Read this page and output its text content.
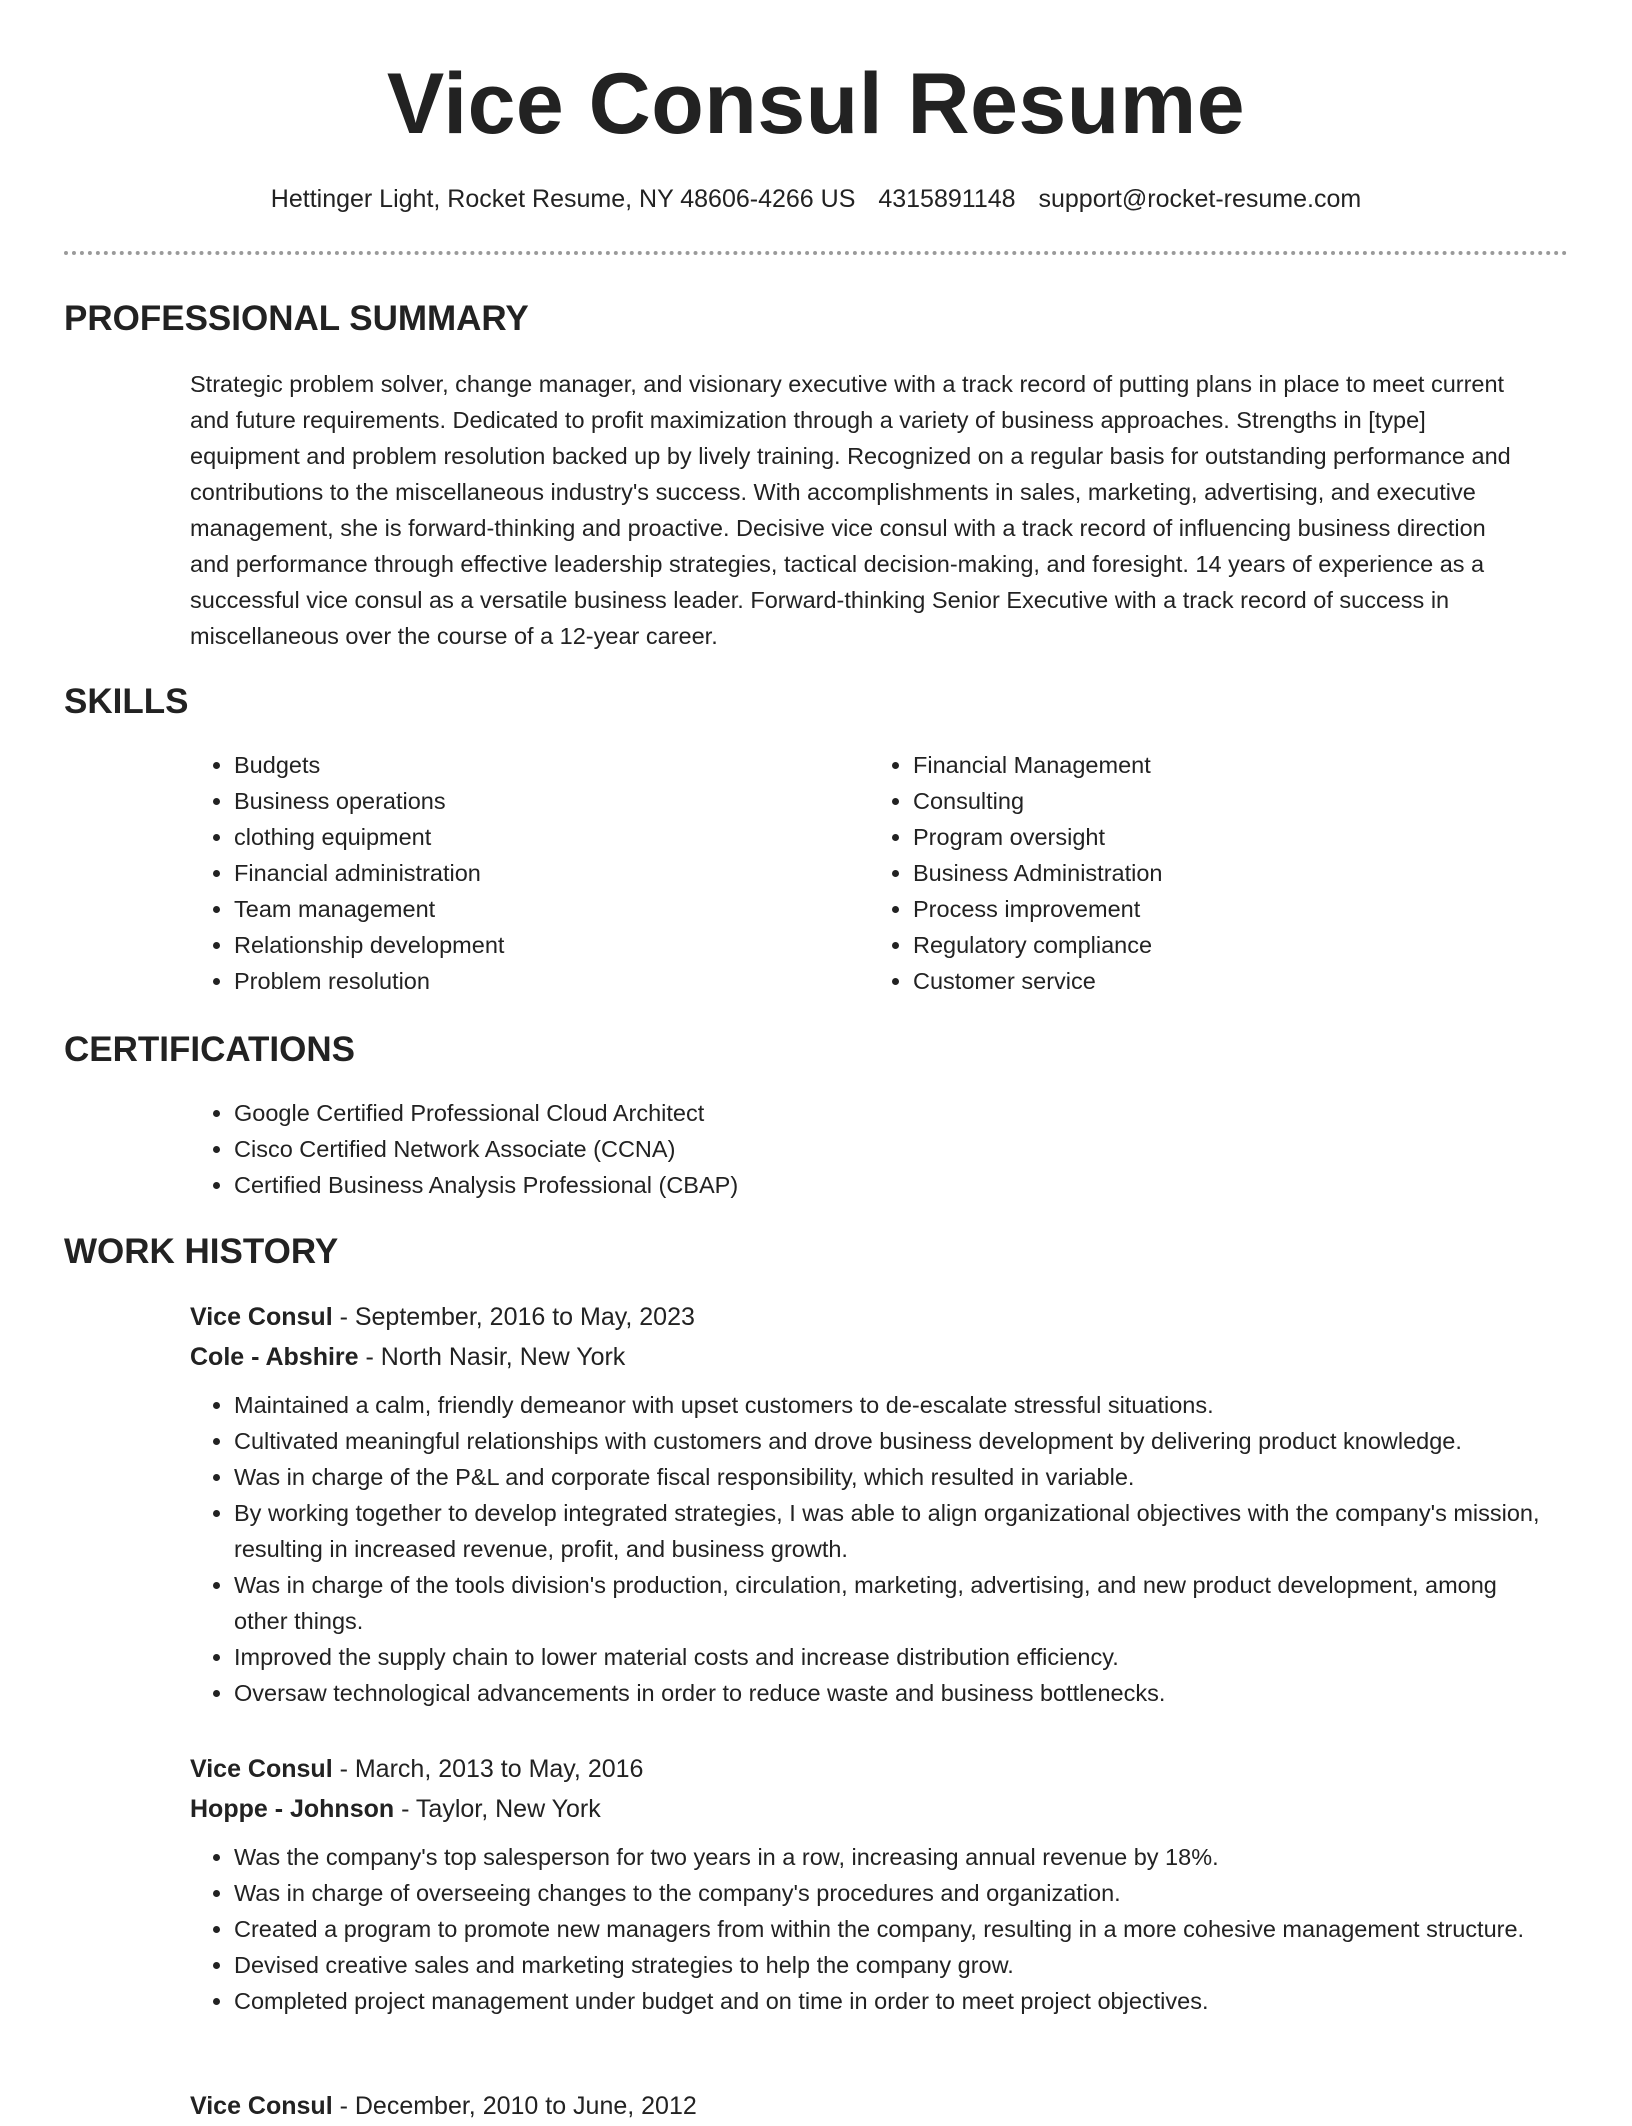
Vice Consul Resume
Hettinger Light, Rocket Resume, NY 48606-4266 US 4315891148 support@rocket-resume.com
PROFESSIONAL SUMMARY

Strategic problem solver, change manager, and visionary executive with a track record of putting plans in place to meet current and future requirements. Dedicated to profit maximization through a variety of business approaches. Strengths in [type] equipment and problem resolution backed up by lively training. Recognized on a regular basis for outstanding performance and contributions to the miscellaneous industry's success. With accomplishments in sales, marketing, advertising, and executive management, she is forward-thinking and proactive. Decisive vice consul with a track record of influencing business direction and performance through effective leadership strategies, tactical decision-making, and foresight. 14 years of experience as a successful vice consul as a versatile business leader. Forward-thinking Senior Executive with a track record of success in miscellaneous over the course of a 12-year career.

SKILLS
• Budgets
• Business operations
• clothing equipment
• Financial administration
• Team management
• Relationship development
• Problem resolution
• Financial Management
• Consulting
• Program oversight
• Business Administration
• Process improvement
• Regulatory compliance
• Customer service
CERTIFICATIONS
• Google Certified Professional Cloud Architect
• Cisco Certified Network Associate (CCNA)
• Certified Business Analysis Professional (CBAP)
WORK HISTORY
Vice Consul - September, 2016 to May, 2023
Cole - Abshire - North Nasir, New York
• Maintained a calm, friendly demeanor with upset customers to de-escalate stressful situations.
• Cultivated meaningful relationships with customers and drove business development by delivering product knowledge.
• Was in charge of the P&L and corporate fiscal responsibility, which resulted in variable.
• By working together to develop integrated strategies, I was able to align organizational objectives with the company's mission, resulting in increased revenue, profit, and business growth.
• Was in charge of the tools division's production, circulation, marketing, advertising, and new product development, among other things.
• Improved the supply chain to lower material costs and increase distribution efficiency.
• Oversaw technological advancements in order to reduce waste and business bottlenecks.
Vice Consul - March, 2013 to May, 2016
Hoppe - Johnson - Taylor, New York
• Was the company's top salesperson for two years in a row, increasing annual revenue by 18%.
• Was in charge of overseeing changes to the company's procedures and organization.
• Created a program to promote new managers from within the company, resulting in a more cohesive management structure.
• Devised creative sales and marketing strategies to help the company grow.
• Completed project management under budget and on time in order to meet project objectives.
Vice Consul - December, 2010 to June, 2012
